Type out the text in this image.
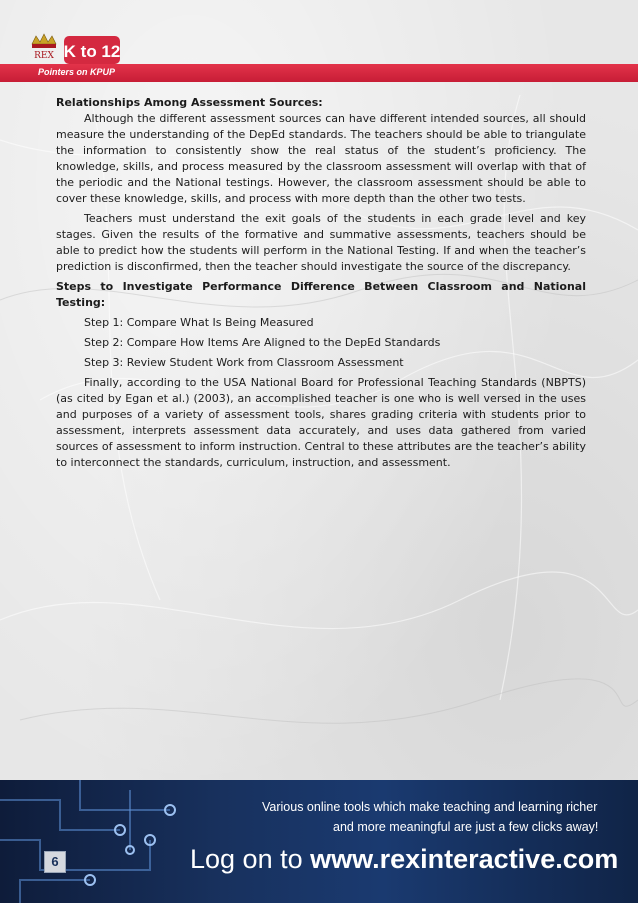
REX K to 12
Pointers on KPUP

Relationships Among Assessment Sources:

Although the different assessment sources can have different intended sources, all should measure the understanding of the DepEd standards. The teachers should be able to triangulate the information to consistently show the real status of the student’s proficiency. The knowledge, skills, and process measured by the classroom assessment will overlap with that of the periodic and the National testings. However, the classroom assessment should be able to cover these knowledge, skills, and process with more depth than the other two tests.

Teachers must understand the exit goals of the students in each grade level and key stages. Given the results of the formative and summative assessments, teachers should be able to predict how the students will perform in the National Testing. If and when the teacher’s prediction is disconfirmed, then the teacher should investigate the source of the discrepancy.

Steps to Investigate Performance Difference Between Classroom and National Testing:

Step 1: Compare What Is Being Measured

Step 2: Compare How Items Are Aligned to the DepEd Standards

Step 3: Review Student Work from Classroom Assessment

Finally, according to the USA National Board for Professional Teaching Standards (NBPTS) (as cited by Egan et al.) (2003), an accomplished teacher is one who is well versed in the uses and purposes of a variety of assessment tools, shares grading criteria with students prior to assessment, interprets assessment data accurately, and uses data gathered from varied sources of assessment to inform instruction. Central to these attributes are the teacher’s ability to interconnect the standards, curriculum, instruction, and assessment.

Various online tools which make teaching and learning richer
and more meaningful are just a few clicks away!
Log on to www.rexinteractive.com
6
